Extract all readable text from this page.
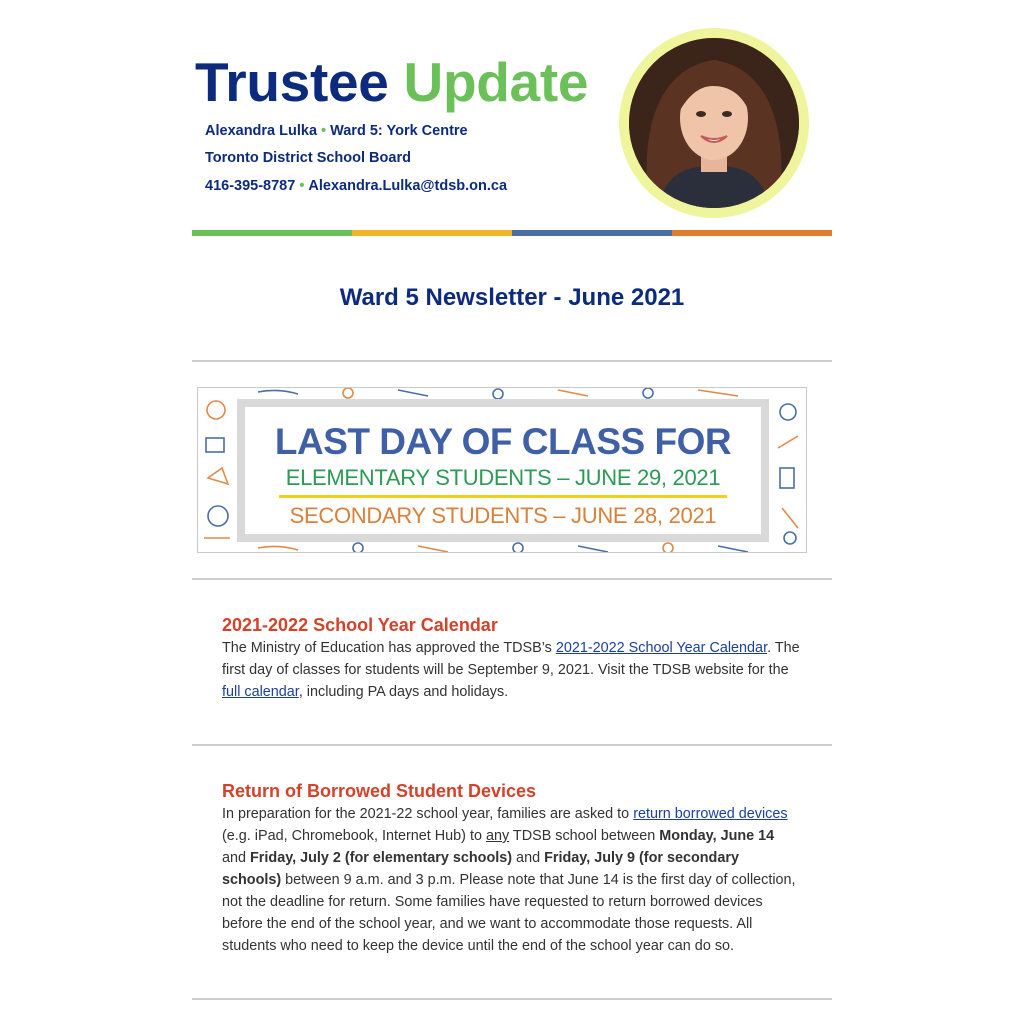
Trustee Update
Alexandra Lulka • Ward 5: York Centre
Toronto District School Board
416-395-8787 • Alexandra.Lulka@tdsb.on.ca
Ward 5 Newsletter - June 2021
LAST DAY OF CLASS FOR
ELEMENTARY STUDENTS – JUNE 29, 2021
SECONDARY STUDENTS – JUNE 28, 2021
2021-2022 School Year Calendar

The Ministry of Education has approved the TDSB’s 2021-2022 School Year Calendar. The first day of classes for students will be September 9, 2021. Visit the TDSB website for the full calendar, including PA days and holidays.

Return of Borrowed Student Devices

In preparation for the 2021-22 school year, families are asked to return borrowed devices (e.g. iPad, Chromebook, Internet Hub) to any TDSB school between Monday, June 14 and Friday, July 2 (for elementary schools) and Friday, July 9 (for secondary schools) between 9 a.m. and 3 p.m. Please note that June 14 is the first day of collection, not the deadline for return. Some families have requested to return borrowed devices before the end of the school year, and we want to accommodate those requests. All students who need to keep the device until the end of the school year can do so.
